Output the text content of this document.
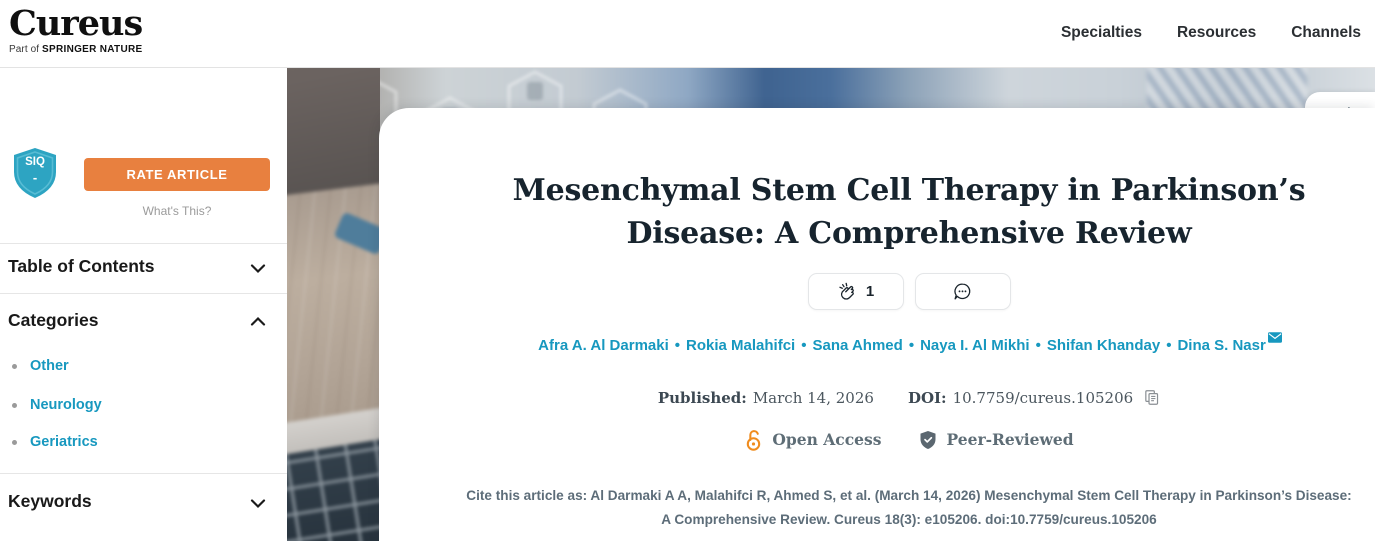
Mesenchymal Stem Cell Therapy in Parkinson’s Disease: A Comprehensive Review
1
Afra A. Al Darmaki • Rokia Malahifci • Sana Ahmed • Naya I. Al Mikhi • Shifan Khanday • Dina S. Nasr
Published: March 14, 2026 DOI: 10.7759/cureus.105206
Open Access	Peer-Reviewed

Cite this article as: Al Darmaki A A, Malahifci R, Ahmed S, et al. (March 14, 2026) Mesenchymal Stem Cell Therapy in Parkinson’s Disease: A Comprehensive Review. Cureus 18(3): e105206. doi:10.7759/cureus.105206

Cureus
Part of SPRINGER NATURE
Specialties Resources Channels
SIQ
-	RATE ARTICLE
What's This?
Table of Contents
Categories
Other
Neurology
Geriatrics
Keywords
